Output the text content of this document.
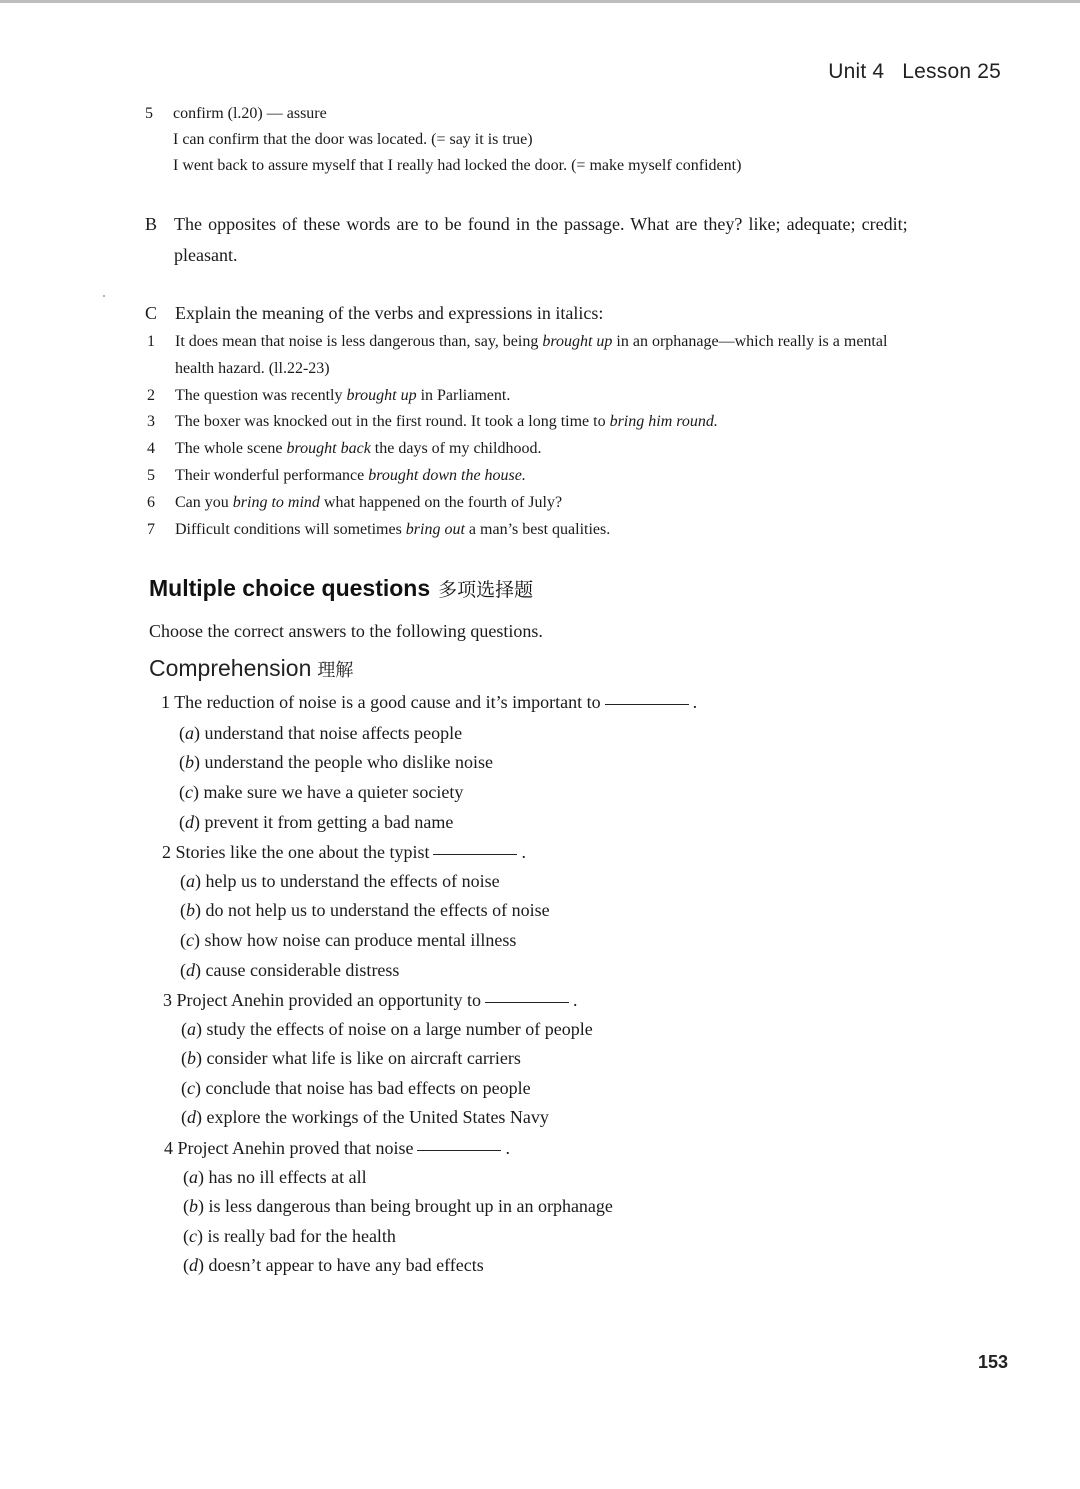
Unit 4 Lesson 25
5 confirm (l.20) — assure
I can confirm that the door was located. (= say it is true)
I went back to assure myself that I really had locked the door. (= make myself confident)
B The opposites of these words are to be found in the passage. What are they? like; adequate; credit;
pleasant.
C Explain the meaning of the verbs and expressions in italics:
1 It does mean that noise is less dangerous than, say, being brought up in an orphanage—which really is a mental
health hazard. (ll.22-23)
2 The question was recently brought up in Parliament.
3 The boxer was knocked out in the first round. It took a long time to bring him round.
4 The whole scene brought back the days of my childhood.
5 Their wonderful performance brought down the house.
6 Can you bring to mind what happened on the fourth of July?
7 Difficult conditions will sometimes bring out a man’s best qualities.
Multiple choice questions 多项选择题
Choose the correct answers to the following questions.
Comprehension 理解
1 The reduction of noise is a good cause and it’s important to	.
(a) understand that noise affects people
(b) understand the people who dislike noise
(c) make sure we have a quieter society
(d) prevent it from getting a bad name
2 Stories like the one about the typist	.
(a) help us to understand the effects of noise
(b) do not help us to understand the effects of noise
(c) show how noise can produce mental illness
(d) cause considerable distress
3 Project Anehin provided an opportunity to	.
(a) study the effects of noise on a large number of people
(b) consider what life is like on aircraft carriers
(c) conclude that noise has bad effects on people
(d) explore the workings of the United States Navy
4 Project Anehin proved that noise	.
(a) has no ill effects at all
(b) is less dangerous than being brought up in an orphanage
(c) is really bad for the health
(d) doesn’t appear to have any bad effects
153
